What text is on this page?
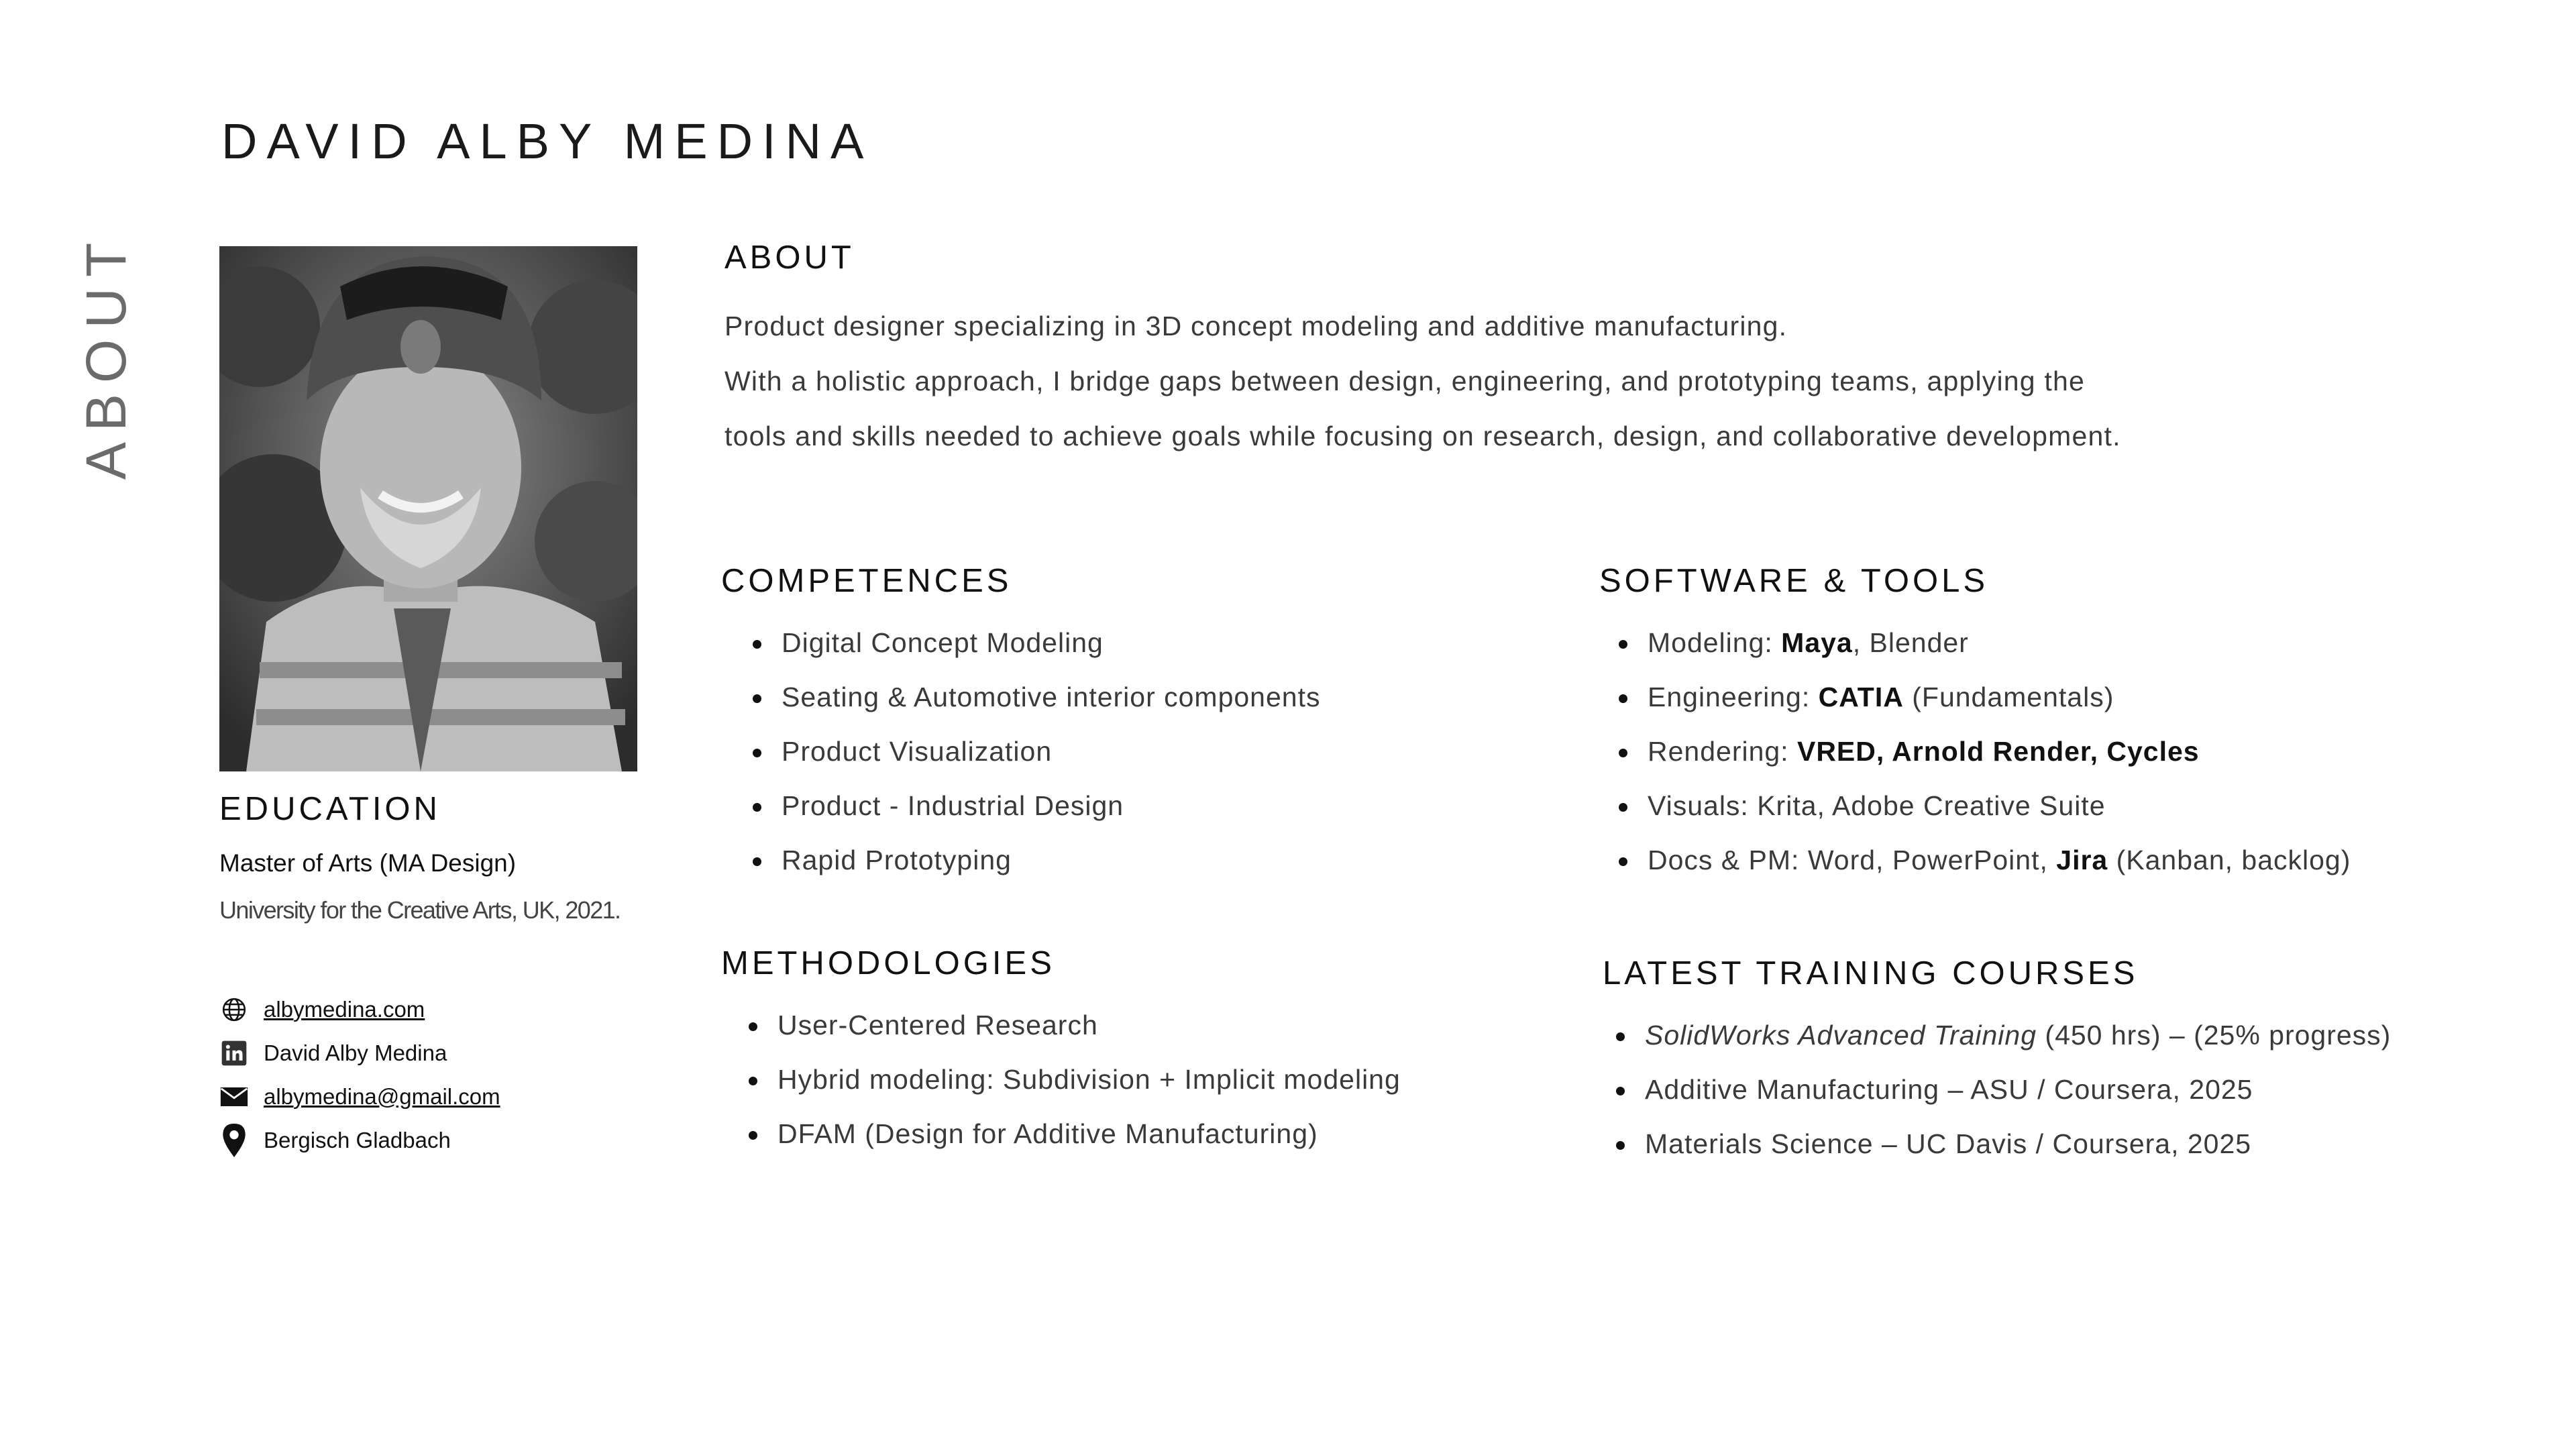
DAVID ALBY MEDINA
ABOUT	ABOUT
Product designer specializing in 3D concept modeling and additive manufacturing.
With a holistic approach, I bridge gaps between design, engineering, and prototyping teams, applying the
tools and skills needed to achieve goals while focusing on research, design, and collaborative development.
EDUCATION
Master of Arts (MA Design)
University for the Creative Arts, UK, 2021.
albymedina.com
David Alby Medina
albymedina@gmail.com
Bergisch Gladbach
COMPETENCES
Digital Concept Modeling
Seating & Automotive interior components
Product Visualization
Product - Industrial Design
Rapid Prototyping
METHODOLOGIES
User-Centered Research
Hybrid modeling: Subdivision + Implicit modeling
DFAM (Design for Additive Manufacturing)
SOFTWARE & TOOLS
Modeling: Maya, Blender
Engineering: CATIA (Fundamentals)
Rendering: VRED, Arnold Render, Cycles
Visuals: Krita, Adobe Creative Suite
Docs & PM: Word, PowerPoint, Jira (Kanban, backlog)
LATEST TRAINING COURSES
SolidWorks Advanced Training (450 hrs) – (25% progress)
Additive Manufacturing – ASU / Coursera, 2025
Materials Science – UC Davis / Coursera, 2025
